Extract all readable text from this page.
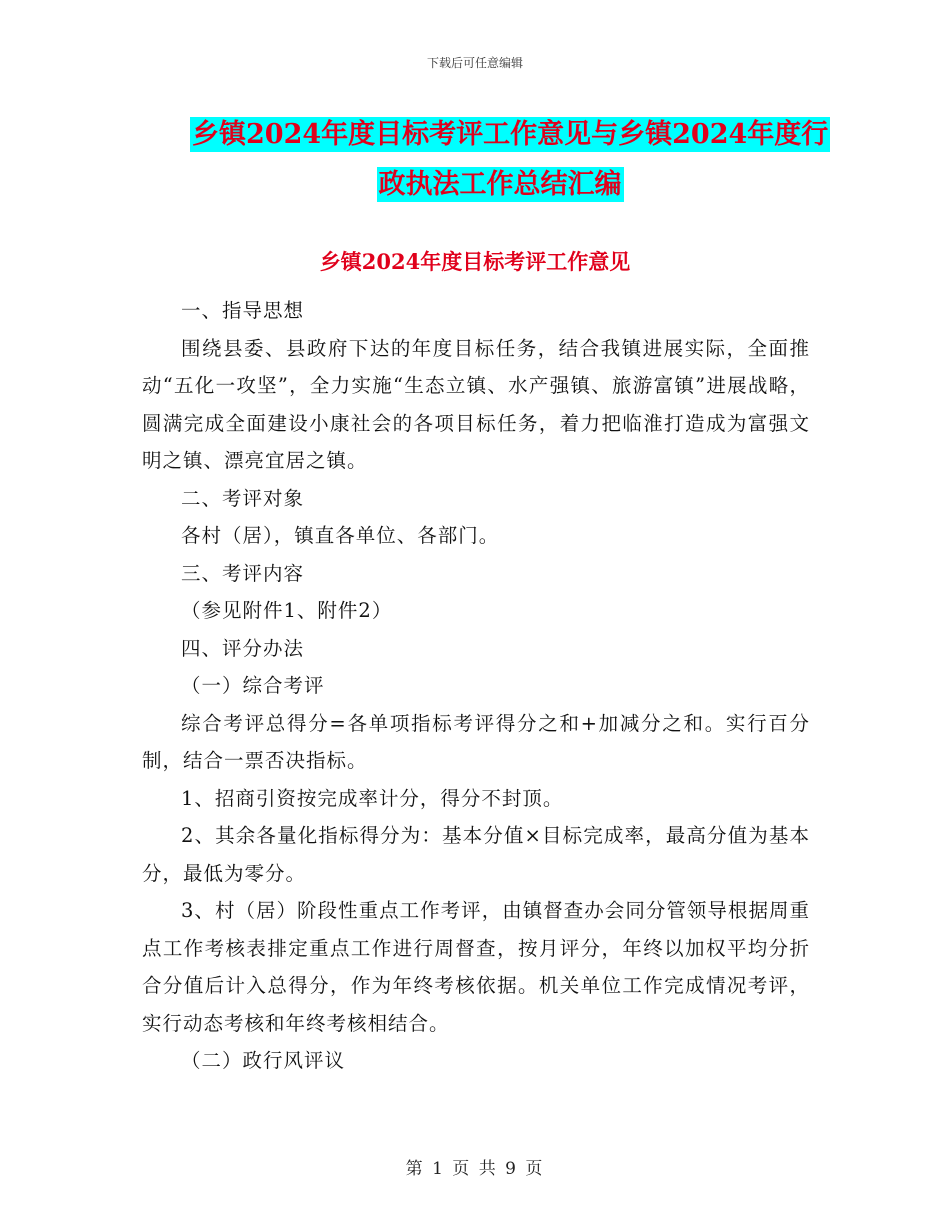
下载后可任意编辑
乡镇2024年度目标考评工作意见与乡镇2024年度行
政执法工作总结汇编
乡镇2024年度目标考评工作意见

一、指导思想

围绕县委、县政府下达的年度目标任务，结合我镇进展实际，全面推动“五化一攻坚”，全力实施“生态立镇、水产强镇、旅游富镇”进展战略，圆满完成全面建设小康社会的各项目标任务，着力把临淮打造成为富强文明之镇、漂亮宜居之镇。

二、考评对象

各村（居），镇直各单位、各部门。

三、考评内容

（参见附件1、附件2）

四、评分办法

（一）综合考评

综合考评总得分=各单项指标考评得分之和+加减分之和。实行百分制，结合一票否决指标。

1、招商引资按完成率计分，得分不封顶。

2、其余各量化指标得分为：基本分值×目标完成率，最高分值为基本分，最低为零分。

3、村（居）阶段性重点工作考评，由镇督查办会同分管领导根据周重点工作考核表排定重点工作进行周督查，按月评分，年终以加权平均分折合分值后计入总得分，作为年终考核依据。机关单位工作完成情况考评，实行动态考核和年终考核相结合。

（二）政行风评议

第 1 页 共 9 页
